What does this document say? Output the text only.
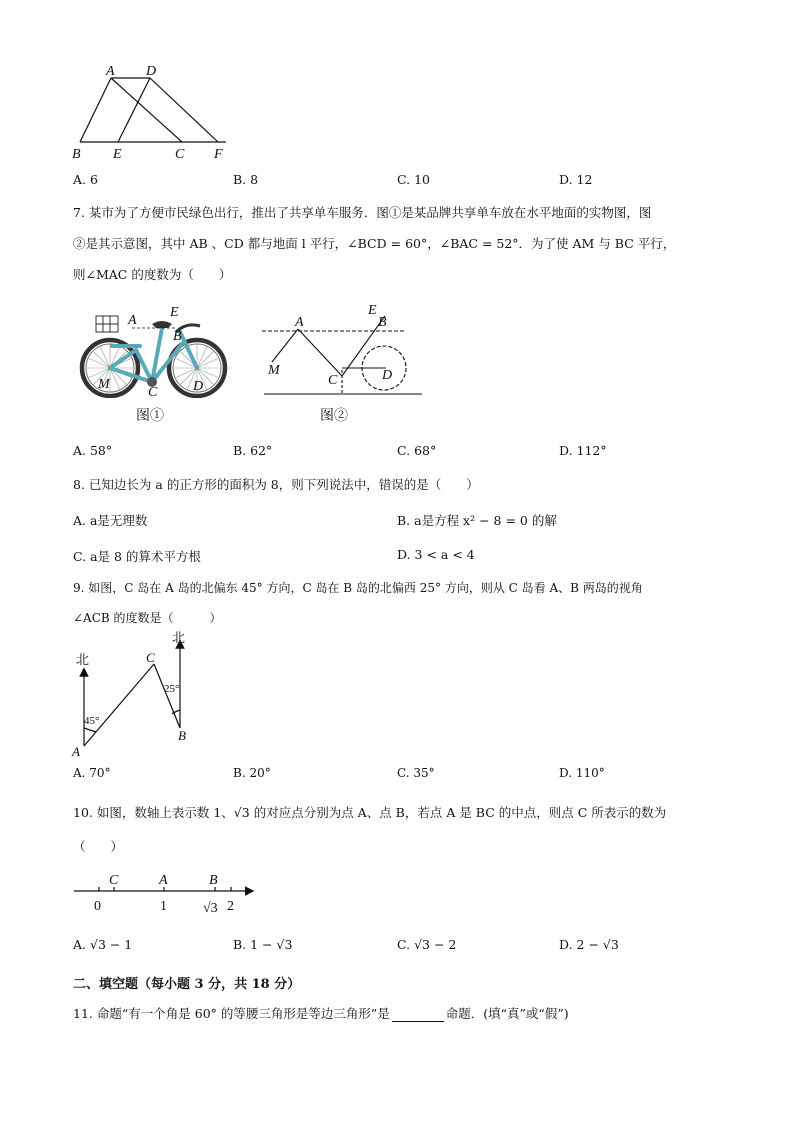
A D
B E	C F
A. 6	B. 8	C. 10	D. 12
7. 某市为了方便市民绿色出行，推出了共享单车服务．图①是某品牌共享单车放在水平地面的实物图，图
②是其示意图，其中 AB 、CD 都与地面 l 平行，∠BCD = 60°，∠BAC = 52°．为了使 AM 与 BC 平行，
则∠MAC 的度数为（　　）
A
E
B
M
C	D
图①
A
E
B
M
C	D
图②
A. 58°	B. 62°	C. 68°	D. 112°
8. 已知边长为 a 的正方形的面积为 8，则下列说法中，错误的是（　　）
A. a是无理数	B. a是方程 x² − 8 = 0 的解
C. a是 8 的算术平方根	D. 3 < a < 4
9. 如图，C 岛在 A 岛的北偏东 45° 方向，C 岛在 B 岛的北偏西 25° 方向，则从 C 岛看 A、B 两岛的视角
∠ACB 的度数是（　　　）
北
北
C
A
B
45°
25°
A. 70°	B. 20°	C. 35°	D. 110°
10. 如图，数轴上表示数 1、√3 的对应点分别为点 A、点 B，若点 A 是 BC 的中点，则点 C 所表示的数为
（　　）
C	A	B
0	1	√3 2
A. √3 − 1	B. 1 − √3	C. √3 − 2	D. 2 − √3
二、填空题（每小题 3 分，共 18 分）
11. 命题“有一个角是 60° 的等腰三角形是等边三角形”是	命题．(填“真”或“假”)
